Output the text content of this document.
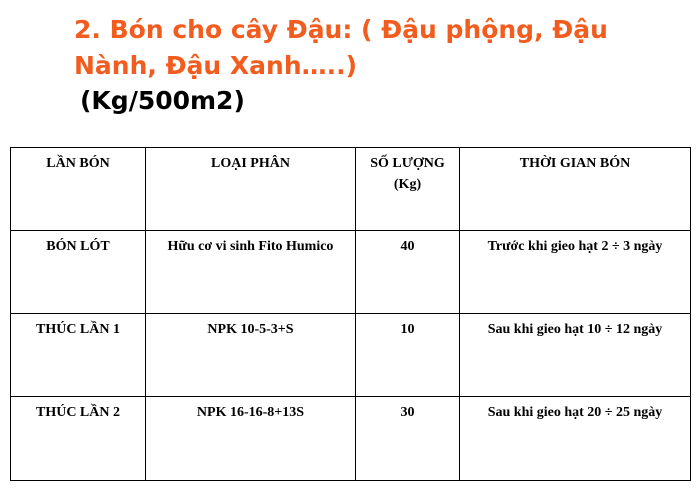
2. Bón cho cây Đậu: ( Đậu phộng, Đậu Nành, Đậu Xanh…..)
(Kg/500m2)
LẦN BÓN	LOẠI PHÂN	SỐ LƯỢNG (Kg)	THỜI GIAN BÓN
BÓN LÓT	Hữu cơ vi sinh Fito Humico	40	Trước khi gieo hạt 2 ÷ 3 ngày
THÚC LẦN 1	NPK 10-5-3+S	10	Sau khi gieo hạt 10 ÷ 12 ngày
THÚC LẦN 2	NPK 16-16-8+13S	30	Sau khi gieo hạt 20 ÷ 25 ngày
